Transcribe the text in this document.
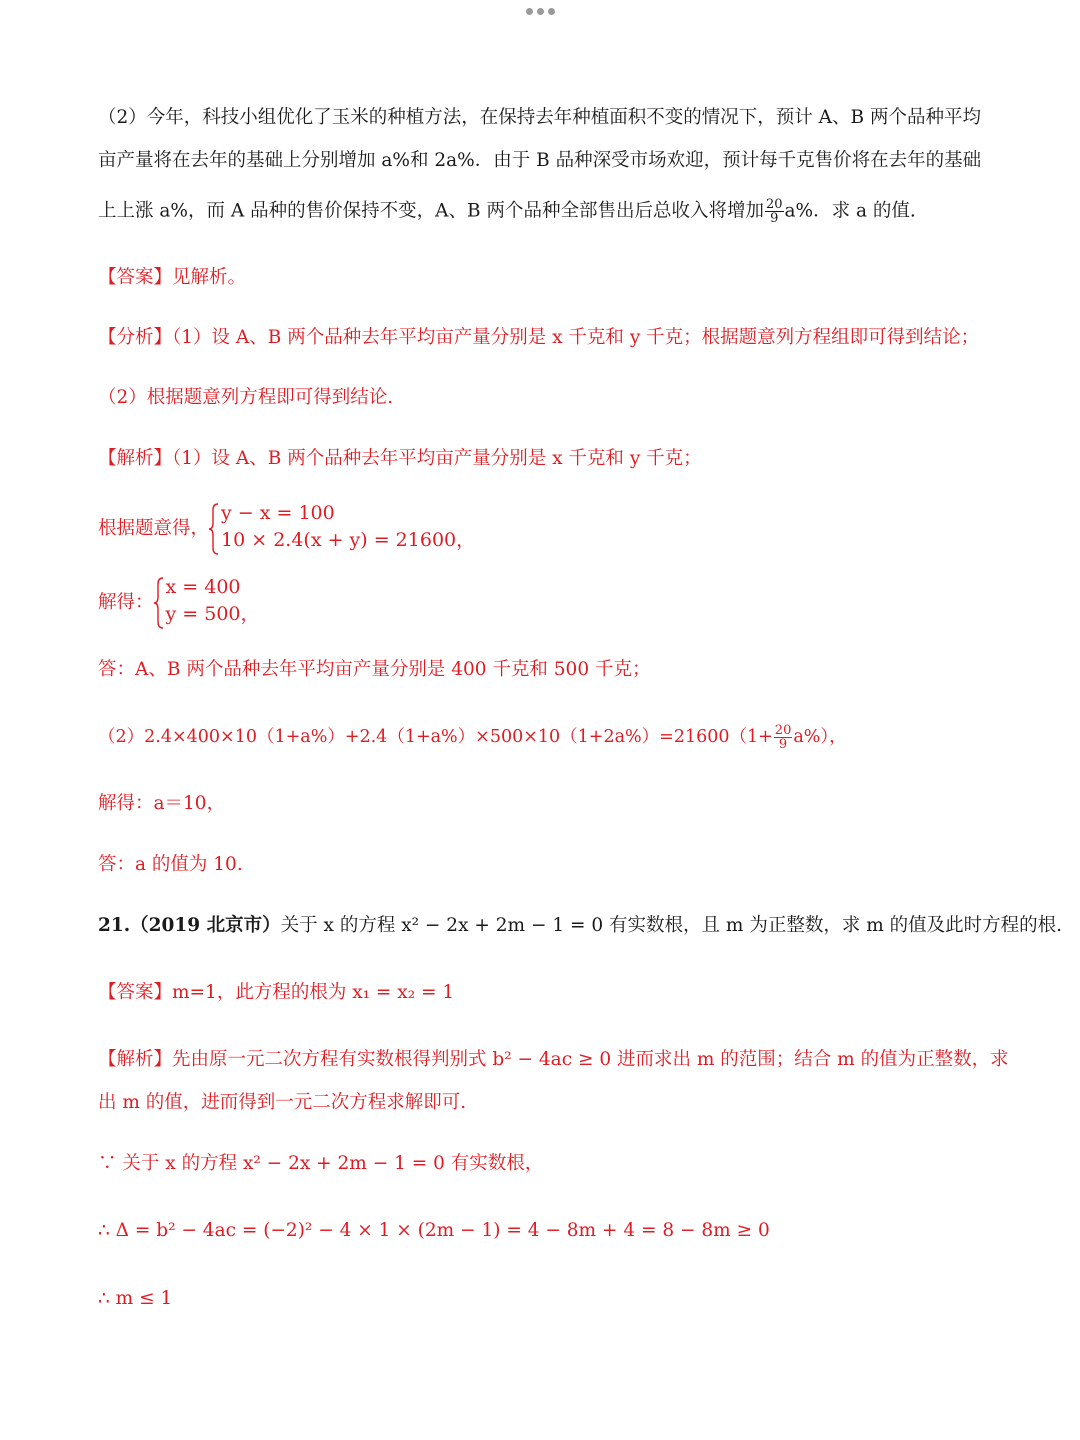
（2）今年，科技小组优化了玉米的种植方法，在保持去年种植面积不变的情况下，预计 A、B 两个品种平均
亩产量将在去年的基础上分别增加 a%和 2a%．由于 B 品种深受市场欢迎，预计每千克售价将在去年的基础
上上涨 a%，而 A 品种的售价保持不变，A、B 两个品种全部售出后总收入将增加 $\frac{20}{9} a\%$．求 a 的值.
【答案】见解析。
【分析】（1）设 A、B 两个品种去年平均亩产量分别是 x 千克和 y 千克；根据题意列方程组即可得到结论；
（2）根据题意列方程即可得到结论.
【解析】（1）设 A、B 两个品种去年平均亩产量分别是 x 千克和 y 千克；
根据题意得，
y − x = 100
10 × 2.4(x + y) = 21600，
解得：
x = 400
y = 500，
答：A、B 两个品种去年平均亩产量分别是 400 千克和 500 千克；
$(2)2.4\times 400\times 10(1+a\%)+2.4(1+a\%)\times 500\times 10(1+2a\%)=21600(1+ \frac{20}{9} a\%)$，
解得：a＝10，
答：a 的值为 10.
21.（2019 北京市）关于 x 的方程 x² − 2x + 2m − 1 = 0 有实数根，且 m 为正整数，求 m 的值及此时方程的根.
【答案】m=1，此方程的根为 x₁ = x₂ = 1
【解析】先由原一元二次方程有实数根得判别式 b² − 4ac ≥ 0 进而求出 m 的范围；结合 m 的值为正整数，求
出 m 的值，进而得到一元二次方程求解即可.
∵ 关于 x 的方程 x² − 2x + 2m − 1 = 0 有实数根，
∴ Δ = b² − 4ac = (−2)² − 4 × 1 × (2m − 1) = 4 − 8m + 4 = 8 − 8m ≥ 0
∴ m ≤ 1
